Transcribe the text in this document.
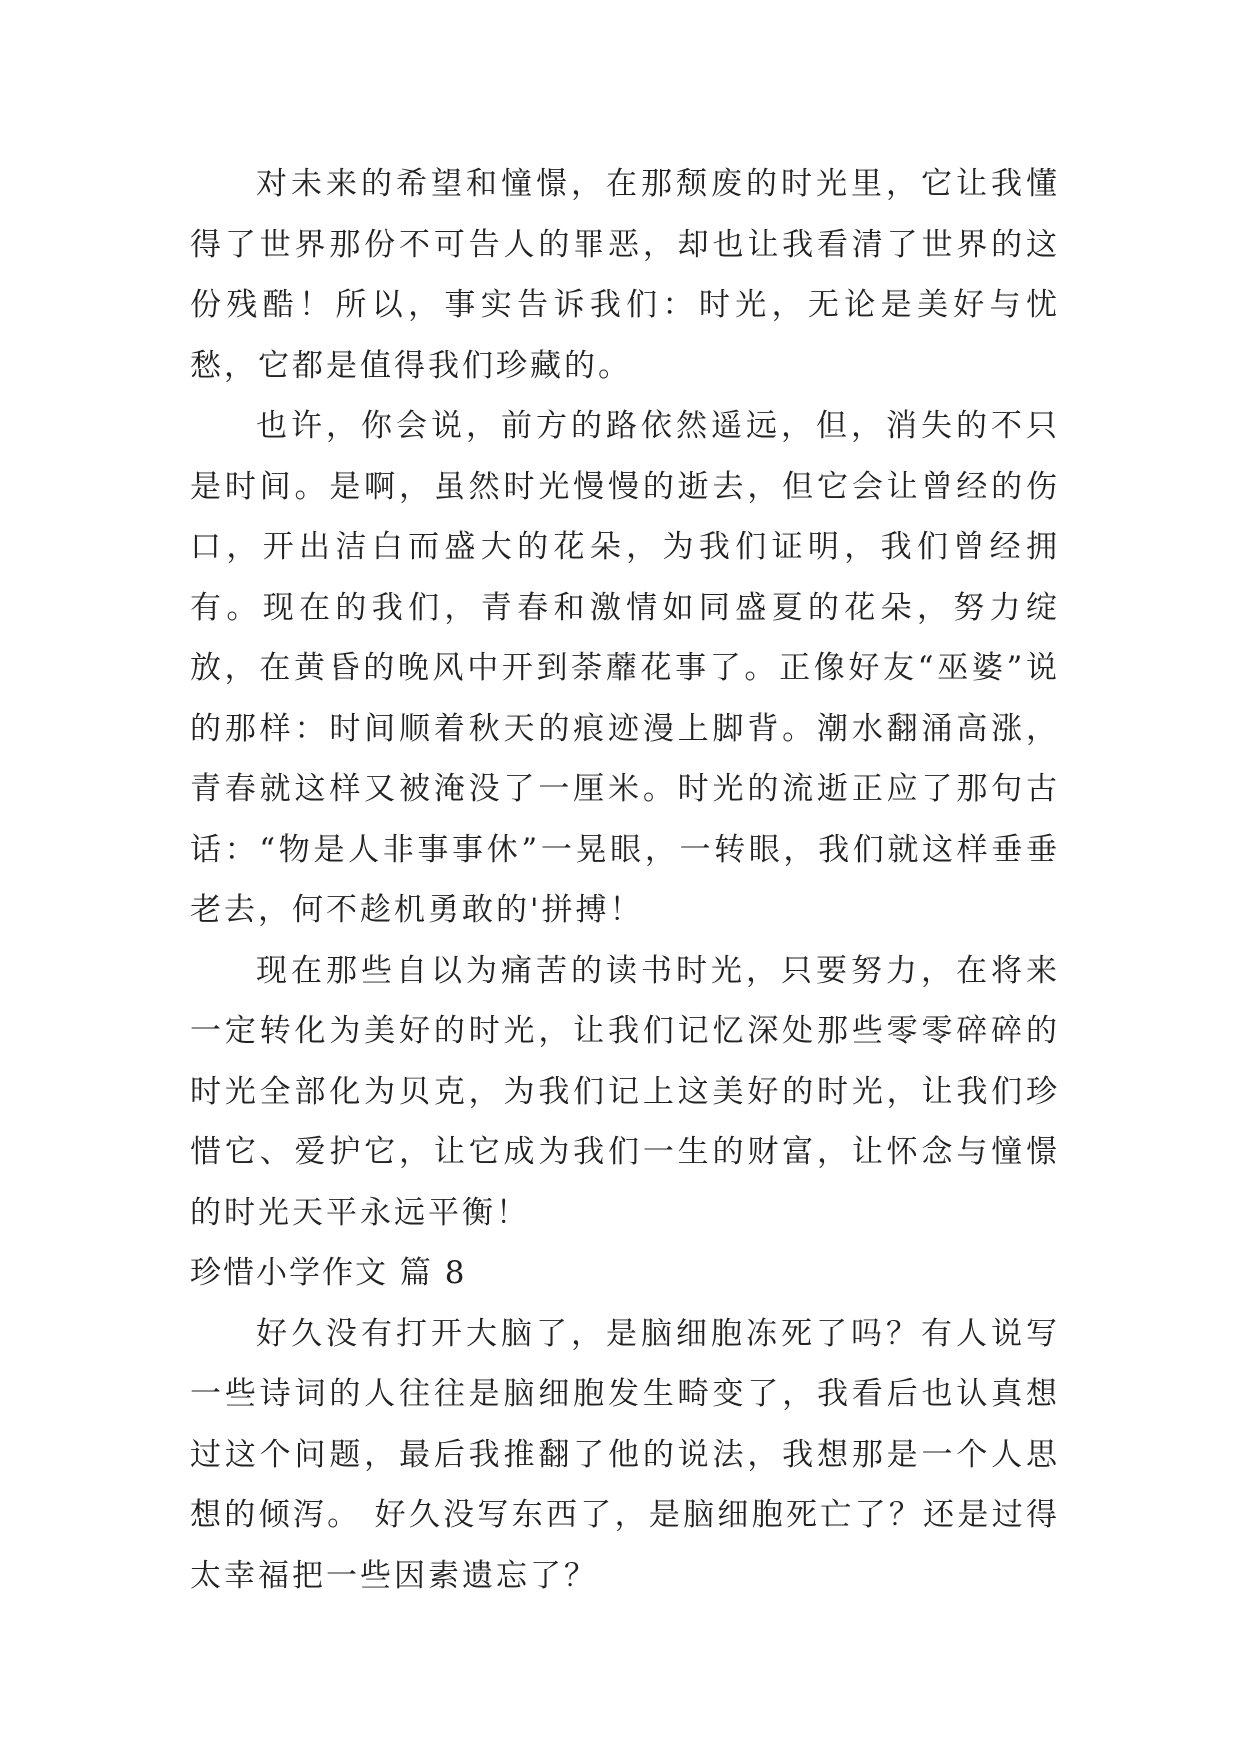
对未来的希望和憧憬，在那颓废的时光里，它让我懂得了世界那份不可告人的罪恶，却也让我看清了世界的这份残酷！所以，事实告诉我们：时光，无论是美好与忧愁，它都是值得我们珍藏的。

也许，你会说，前方的路依然遥远，但，消失的不只是时间。是啊，虽然时光慢慢的逝去，但它会让曾经的伤口，开出洁白而盛大的花朵，为我们证明，我们曾经拥有。现在的我们，青春和激情如同盛夏的花朵，努力绽放，在黄昏的晚风中开到荼蘼花事了。正像好友“巫婆”说的那样：时间顺着秋天的痕迹漫上脚背。潮水翻涌高涨，青春就这样又被淹没了一厘米。时光的流逝正应了那句古话：“物是人非事事休”一晃眼，一转眼，我们就这样垂垂老去，何不趁机勇敢的'拼搏！

现在那些自以为痛苦的读书时光，只要努力，在将来一定转化为美好的时光，让我们记忆深处那些零零碎碎的时光全部化为贝克，为我们记上这美好的时光，让我们珍惜它、爱护它，让它成为我们一生的财富，让怀念与憧憬的时光天平永远平衡！

珍惜小学作文 篇 8

好久没有打开大脑了，是脑细胞冻死了吗？有人说写一些诗词的人往往是脑细胞发生畸变了，我看后也认真想过这个问题，最后我推翻了他的说法，我想那是一个人思想的倾泻。 好久没写东西了，是脑细胞死亡了？还是过得太幸福把一些因素遗忘了？
